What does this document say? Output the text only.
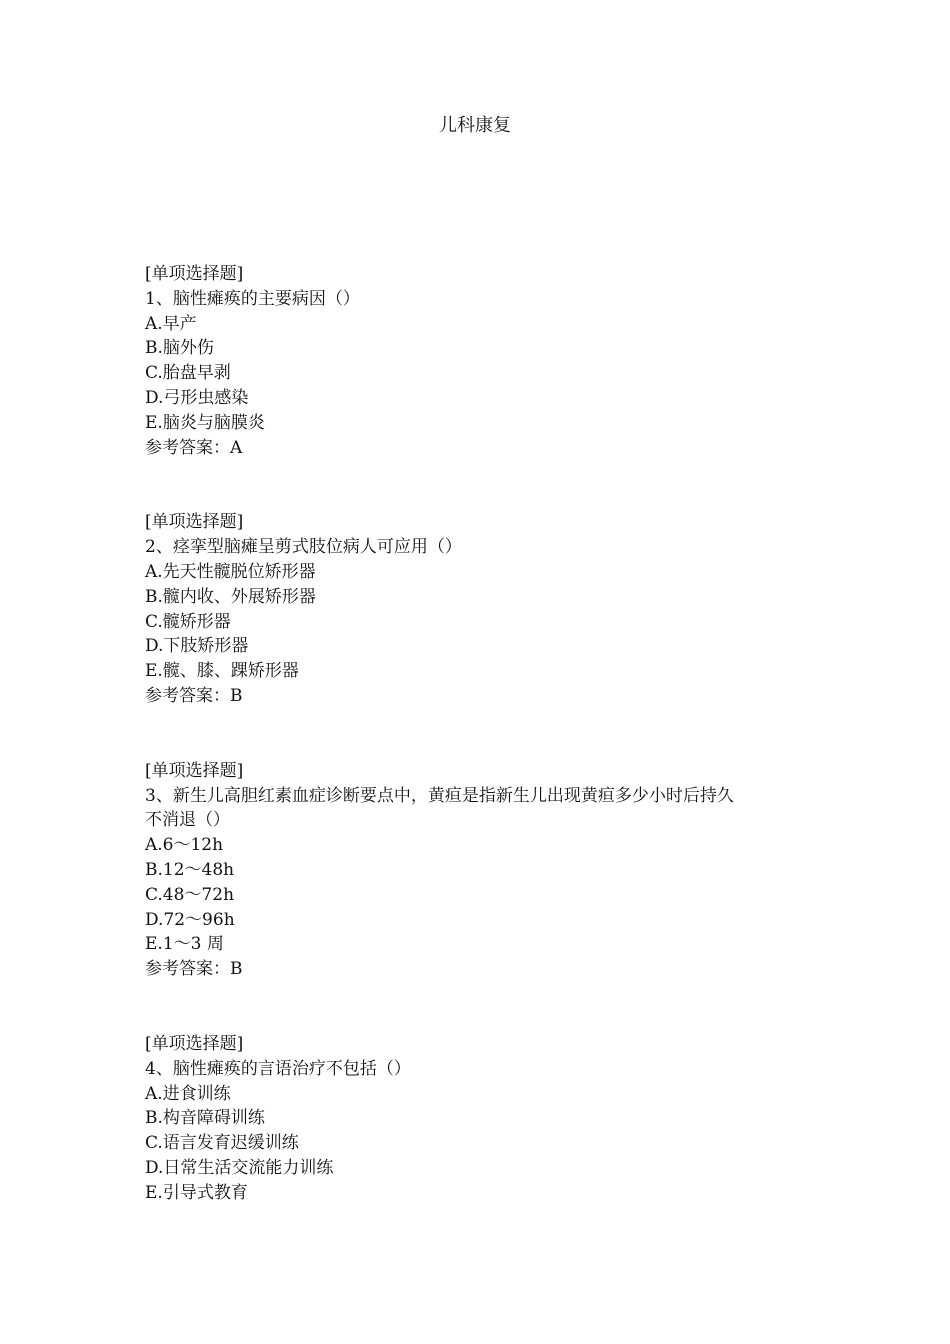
儿科康复
[单项选择题]
1、脑性瘫痪的主要病因（）
A.早产
B.脑外伤
C.胎盘早剥
D.弓形虫感染
E.脑炎与脑膜炎
参考答案：A
[单项选择题]
2、痉挛型脑瘫呈剪式肢位病人可应用（）
A.先天性髋脱位矫形器
B.髋内收、外展矫形器
C.髋矫形器
D.下肢矫形器
E.髋、膝、踝矫形器
参考答案：B
[单项选择题]
3、新生儿高胆红素血症诊断要点中，黄疸是指新生儿出现黄疸多少小时后持久
不消退（）
A.6～12h
B.12～48h
C.48～72h
D.72～96h
E.1～3 周
参考答案：B
[单项选择题]
4、脑性瘫痪的言语治疗不包括（）
A.进食训练
B.构音障碍训练
C.语言发育迟缓训练
D.日常生活交流能力训练
E.引导式教育
